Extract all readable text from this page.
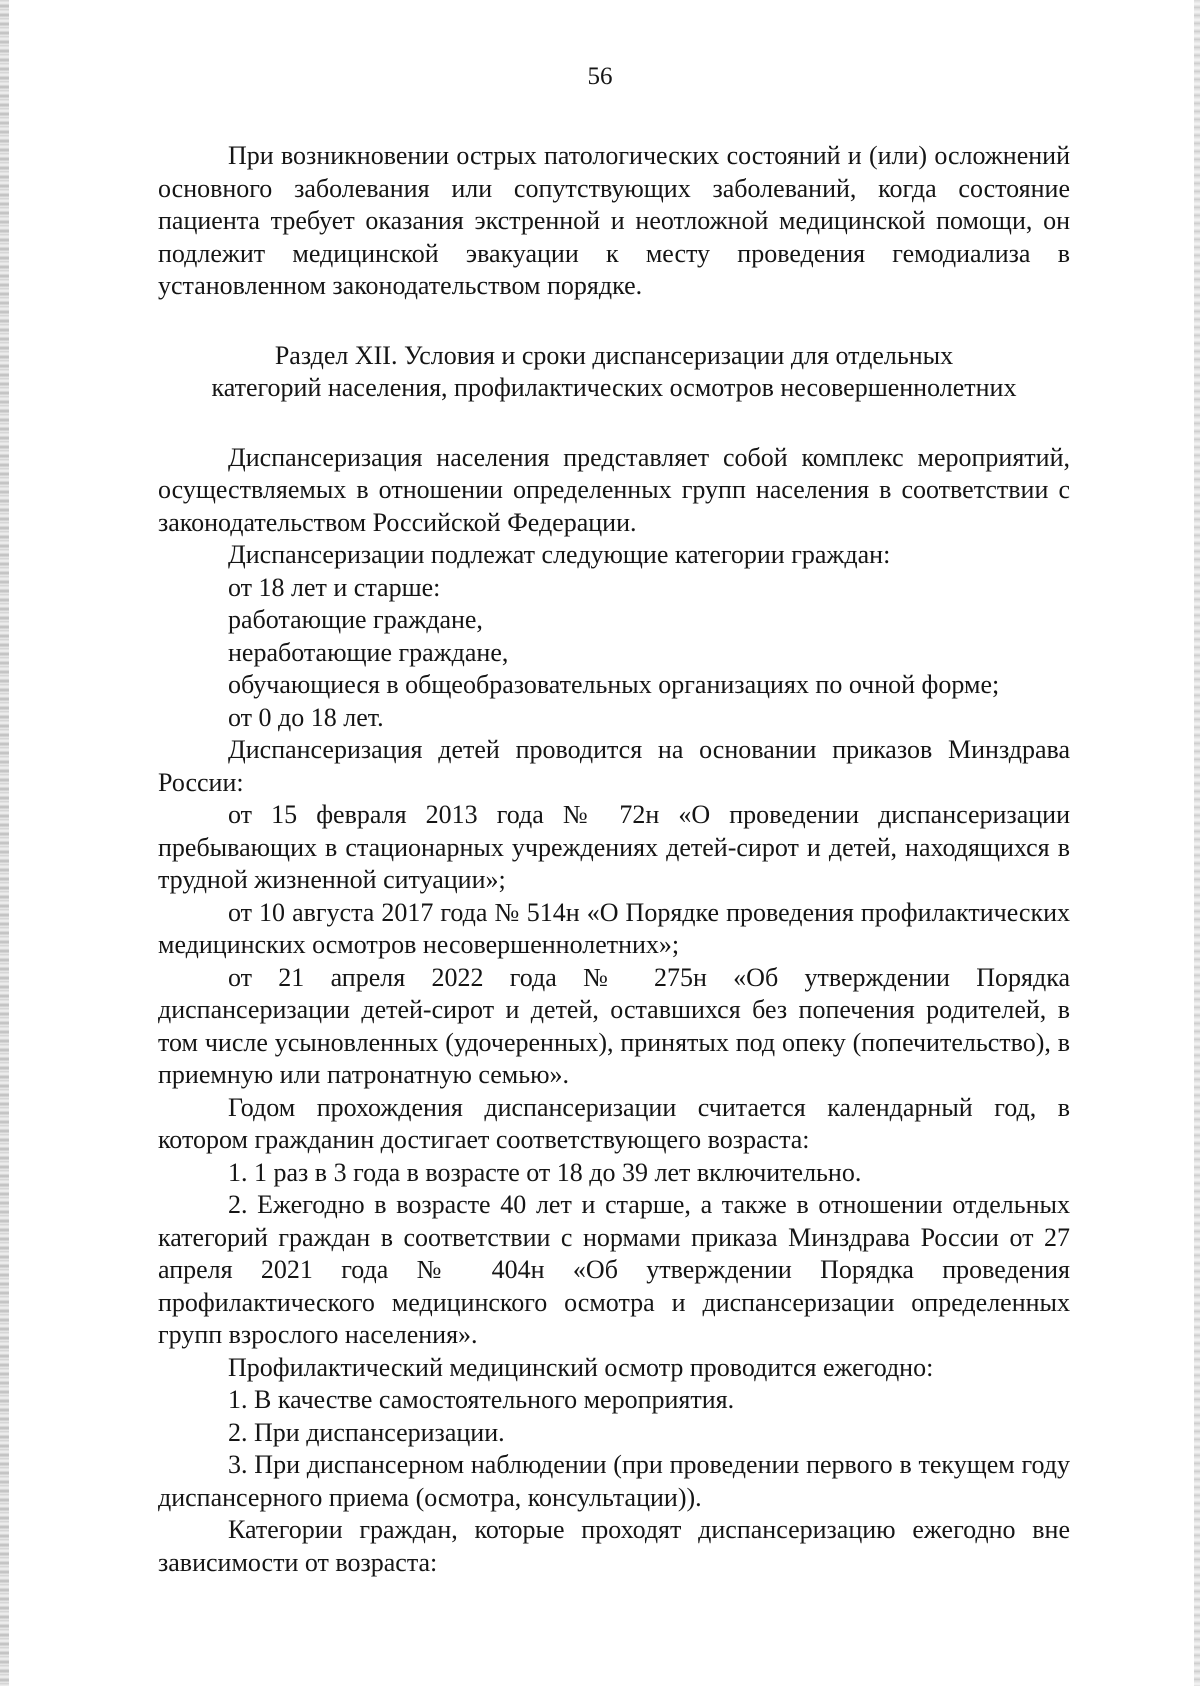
56

При возникновении острых патологических состояний и (или) осложнений основного заболевания или сопутствующих заболеваний, когда состояние пациента требует оказания экстренной и неотложной медицинской помощи, он подлежит медицинской эвакуации к месту проведения гемодиализа в установленном законодательством порядке.

Раздел XII. Условия и сроки диспансеризации для отдельных
категорий населения, профилактических осмотров несовершеннолетних

Диспансеризация населения представляет собой комплекс мероприятий, осуществляемых в отношении определенных групп населения в соответствии с законодательством Российской Федерации.

Диспансеризации подлежат следующие категории граждан:

от 18 лет и старше:

работающие граждане,

неработающие граждане,

обучающиеся в общеобразовательных организациях по очной форме;

от 0 до 18 лет.

Диспансеризация детей проводится на основании приказов Минздрава России:

от 15 февраля 2013 года № 72н «О проведении диспансеризации пребывающих в стационарных учреждениях детей-сирот и детей, находящихся в трудной жизненной ситуации»;

от 10 августа 2017 года № 514н «О Порядке проведения профилактических медицинских осмотров несовершеннолетних»;

от 21 апреля 2022 года № 275н «Об утверждении Порядка диспансеризации детей-сирот и детей, оставшихся без попечения родителей, в том числе усыновленных (удочеренных), принятых под опеку (попечительство), в приемную или патронатную семью».

Годом прохождения диспансеризации считается календарный год, в котором гражданин достигает соответствующего возраста:

1. 1 раз в 3 года в возрасте от 18 до 39 лет включительно.

2. Ежегодно в возрасте 40 лет и старше, а также в отношении отдельных категорий граждан в соответствии с нормами приказа Минздрава России от 27 апреля 2021 года № 404н «Об утверждении Порядка проведения профилактического медицинского осмотра и диспансеризации определенных групп взрослого населения».

Профилактический медицинский осмотр проводится ежегодно:

1. В качестве самостоятельного мероприятия.

2. При диспансеризации.

3. При диспансерном наблюдении (при проведении первого в текущем году диспансерного приема (осмотра, консультации)).

Категории граждан, которые проходят диспансеризацию ежегодно вне зависимости от возраста:
